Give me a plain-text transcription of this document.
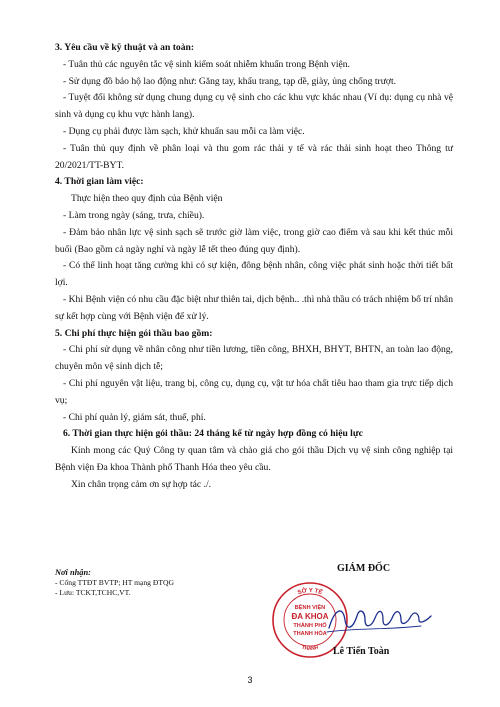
3. Yêu cầu về kỹ thuật và an toàn:

- Tuân thủ các nguyên tắc vệ sinh kiểm soát nhiễm khuẩn trong Bệnh viện.

- Sử dụng đồ bảo hộ lao động như: Găng tay, khẩu trang, tạp dề, giày, ủng chống trượt.

- Tuyệt đối không sử dụng chung dụng cụ vệ sinh cho các khu vực khác nhau (Ví dụ: dụng cụ nhà vệ sinh và dụng cụ khu vực hành lang).

- Dụng cụ phải được làm sạch, khử khuẩn sau mỗi ca làm việc.

- Tuân thủ quy định về phân loại và thu gom rác thải y tế và rác thải sinh hoạt theo Thông tư 20/2021/TT-BYT.

4. Thời gian làm việc:

Thực hiện theo quy định của Bệnh viện

- Làm trong ngày (sáng, trưa, chiều).

- Đảm bảo nhân lực vệ sinh sạch sẽ trước giờ làm việc, trong giờ cao điểm và sau khi kết thúc mỗi buổi (Bao gồm cả ngày nghỉ và ngày lễ tết theo đúng quy định).

- Có thể linh hoạt tăng cường khi có sự kiện, đông bệnh nhân, công việc phát sinh hoặc thời tiết bất lợi.

- Khi Bệnh viện có nhu cầu đặc biệt như thiên tai, dịch bệnh.. .thì nhà thầu có trách nhiệm bố trí nhân sự kết hợp cùng với Bệnh viện để xử lý.

5. Chi phí thực hiện gói thầu bao gồm:

- Chi phí sử dụng về nhân công như tiền lương, tiền công, BHXH, BHYT, BHTN, an toàn lao động, chuyên môn vệ sinh dịch tễ;

- Chi phí nguyên vật liệu, trang bị, công cụ, dụng cụ, vật tư hóa chất tiêu hao tham gia trực tiếp dịch vụ;

- Chi phí quản lý, giám sát, thuế, phí.

6. Thời gian thực hiện gói thầu: 24 tháng kể từ ngày hợp đồng có hiệu lực

Kính mong các Quý Công ty quan tâm và chào giá cho gói thầu Dịch vụ vệ sinh công nghiệp tại Bệnh viện Đa khoa Thành phố Thanh Hóa theo yêu cầu.

Xin chân trọng cảm ơn sự hợp tác ./.

Nơi nhận:
- Cổng TTĐT BVTP; HT mạng ĐTQG
- Lưu: TCKT,TCHC,VT.
GIÁM ĐỐC
SỞ Y TẾ
THANH
BỆNH VIỆN
ĐA KHOA
THÀNH PHỐ
THANH HÓA
Lê Tiến Toàn
3
